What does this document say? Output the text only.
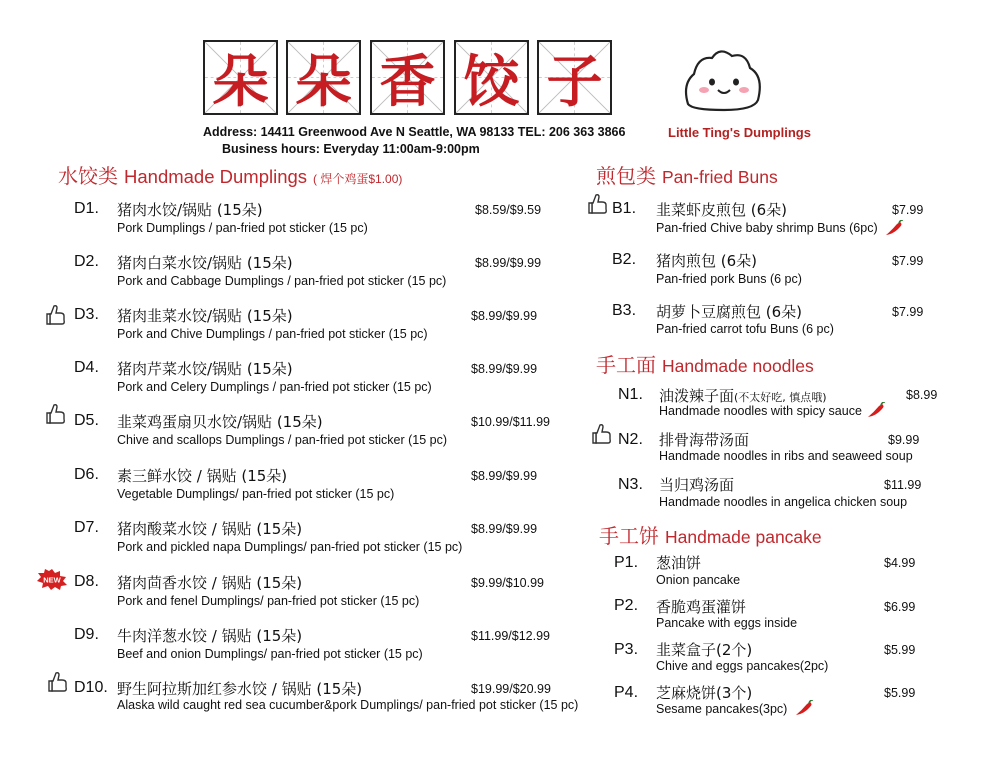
朵 朵 香 饺 子
Address: 14411 Greenwood Ave N Seattle, WA 98133 TEL: 206 363 3866
Business hours: Everyday 11:00am-9:00pm
Little Ting's Dumplings
水饺类 Handmade Dumplings ( 焊个鸡蛋$1.00)
D1. 猪肉水饺/锅贴 (15朵)
Pork Dumplings / pan-fried pot sticker (15 pc)
$8.59/$9.59
D2. 猪肉白菜水饺/锅贴 (15朵)
Pork and Cabbage Dumplings / pan-fried pot sticker (15 pc)
$8.99/$9.99
D3. 猪肉韭菜水饺/锅贴 (15朵)
Pork and Chive Dumplings / pan-fried pot sticker (15 pc)
$8.99/$9.99
D4. 猪肉芹菜水饺/锅贴 (15朵)
Pork and Celery Dumplings / pan-fried pot sticker (15 pc)
$8.99/$9.99
D5. 韭菜鸡蛋扇贝水饺/锅贴 (15朵)
Chive and scallops Dumplings / pan-fried pot sticker (15 pc)
$10.99/$11.99
D6. 素三鲜水饺 / 锅贴 (15朵)
Vegetable Dumplings/ pan-fried pot sticker (15 pc)
$8.99/$9.99
D7. 猪肉酸菜水饺 / 锅贴 (15朵)
Pork and pickled napa Dumplings/ pan-fried pot sticker (15 pc)
$8.99/$9.99
NEW D8. 猪肉茴香水饺 / 锅贴 (15朵)
Pork and fenel Dumplings/ pan-fried pot sticker (15 pc)
$9.99/$10.99
D9. 牛肉洋葱水饺 / 锅贴 (15朵)
Beef and onion Dumplings/ pan-fried pot sticker (15 pc)
$11.99/$12.99
D10. 野生阿拉斯加红参水饺 / 锅贴 (15朵)
Alaska wild caught red sea cucumber&pork Dumplings/ pan-fried pot sticker (15 pc)
$19.99/$20.99
煎包类 Pan-fried Buns
B1. 韭菜虾皮煎包 (6朵)
Pan-fried Chive baby shrimp Buns (6pc)
$7.99
B2. 猪肉煎包 (6朵)
Pan-fried pork Buns (6 pc)
$7.99
B3. 胡萝卜豆腐煎包 (6朵)
Pan-fried carrot tofu Buns (6 pc)
$7.99
手工面 Handmade noodles
N1. 油泼辣子面(不太好吃, 慎点哦)
Handmade noodles with spicy sauce
$8.99
N2. 排骨海带汤面
Handmade noodles in ribs and seaweed soup
$9.99
N3. 当归鸡汤面
Handmade noodles in angelica chicken soup
$11.99
手工饼 Handmade pancake
P1. 葱油饼
Onion pancake
$4.99
P2. 香脆鸡蛋灌饼
Pancake with eggs inside
$6.99
P3. 韭菜盒子(2个)
Chive and eggs pancakes(2pc)
$5.99
P4. 芝麻烧饼(3个)
Sesame pancakes(3pc)
$5.99
